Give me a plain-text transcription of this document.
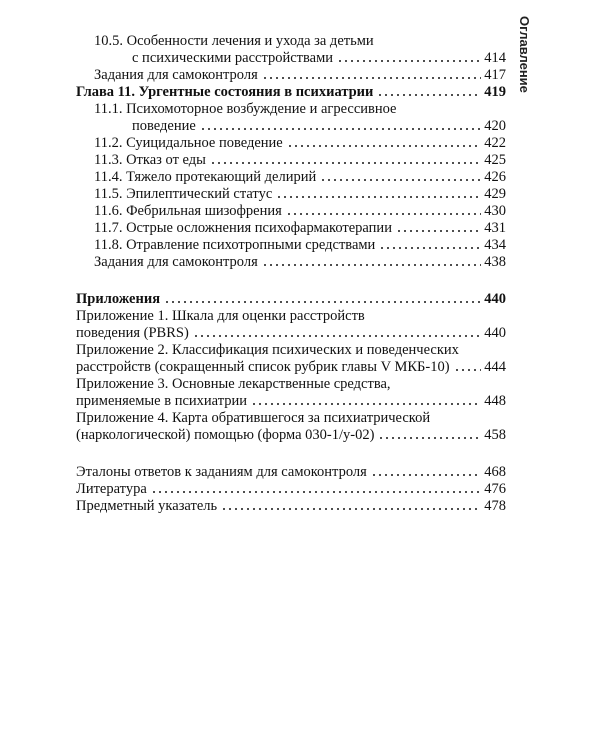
Оглавление
10.5. Особенности лечения и ухода за детьми
с психическими расстройствами	414
Задания для самоконтроля	417
Глава 11. Ургентные состояния в психиатрии	419
11.1. Психомоторное возбуждение и агрессивное
поведение	420
11.2. Суицидальное поведение	422
11.3. Отказ от еды	425
11.4. Тяжело протекающий делирий	426
11.5. Эпилептический статус	429
11.6. Фебрильная шизофрения	430
11.7. Острые осложнения психофармакотерапии	431
11.8. Отравление психотропными средствами	434
Задания для самоконтроля	438
Приложения	440
Приложение 1. Шкала для оценки расстройств
поведения (PBRS)	440
Приложение 2. Классификация психических и поведенческих
расстройств (сокращенный список рубрик главы V МКБ-10) 444
Приложение 3. Основные лекарственные средства,
применяемые в психиатрии	448
Приложение 4. Карта обратившегося за психиатрической
(наркологической) помощью (форма 030-1/у-02)	458
Эталоны ответов к заданиям для самоконтроля	468
Литература	476
Предметный указатель	478
